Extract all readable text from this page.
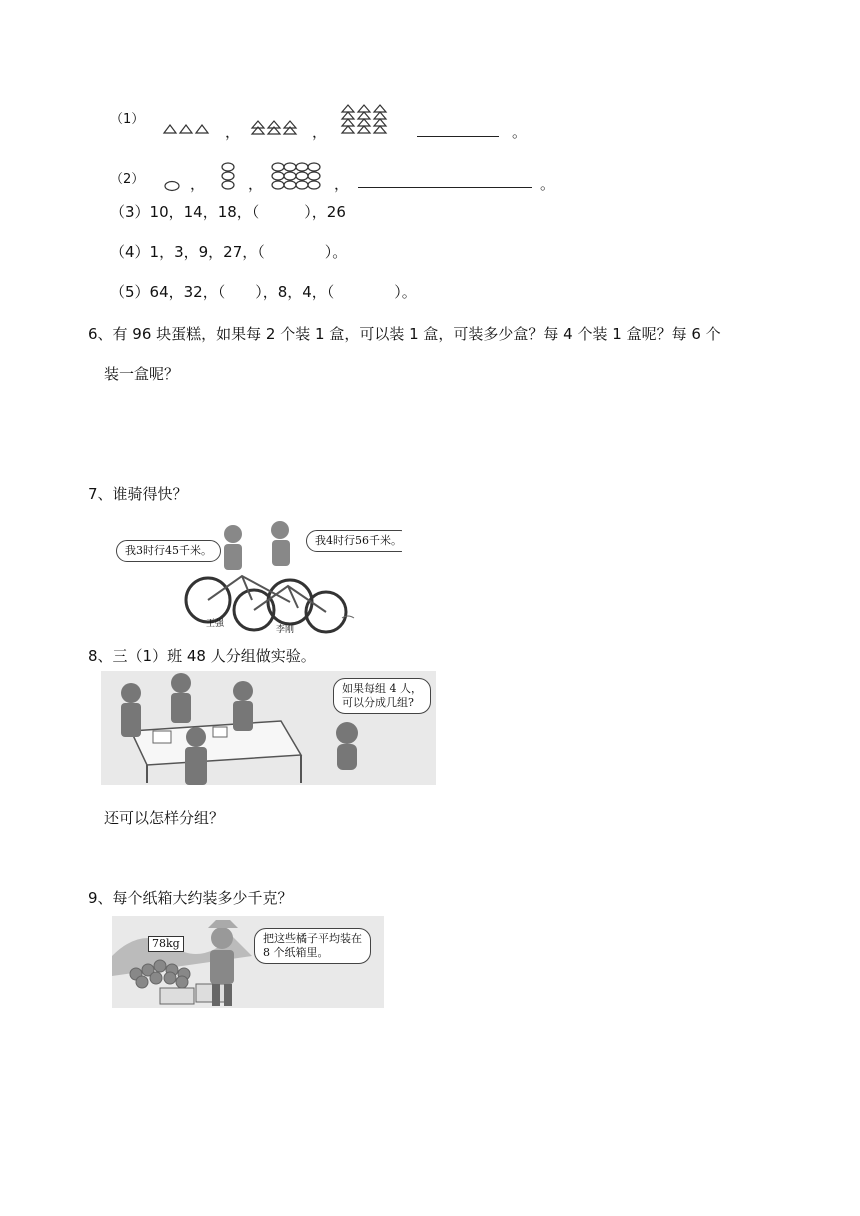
（1）
，	，	。
（2）	，	，	，	。
（3）10，14，18，（　　　），26
（4）1，3，9，27，（　　　　）。
（5）64，32，（　　），8，4，（　　　　）。
6、有 96 块蛋糕，如果每 2 个装 1 盒，可以装 1 盒，可装多少盒？每 4 个装 1 盒呢？每 6 个
装一盒呢？
7、谁骑得快？
我3时行45千米。
我4时行56千米。
王强
李刚
8、三（1）班 48 人分组做实验。
如果每组 4 人，
可以分成几组?
还可以怎样分组？
9、每个纸箱大约装多少千克？
78kg	把这些橘子平均装在
8 个纸箱里。
